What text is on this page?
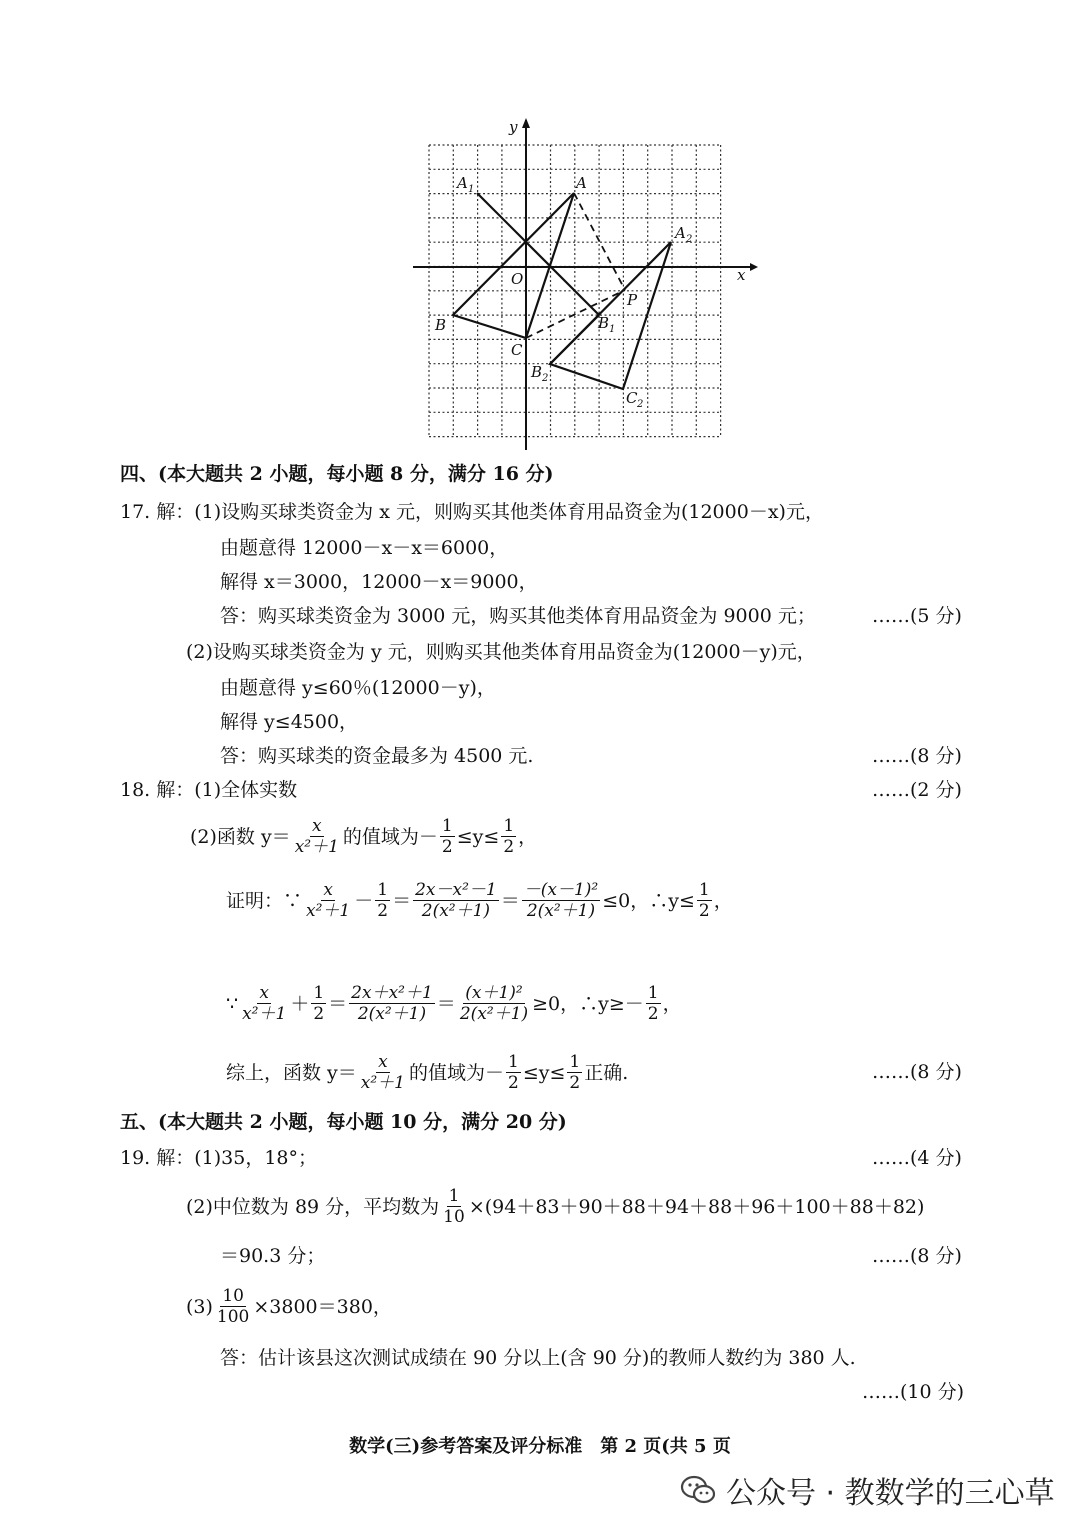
y
x
O
A
A 1
A 2
B	B 1
B 2
C
C 2
P
四、(本大题共 2 小题，每小题 8 分，满分 16 分)
17. 解：(1)设购买球类资金为 x 元，则购买其他类体育用品资金为(12000－x)元，
由题意得 12000－x－x＝6000，
解得 x＝3000，12000－x＝9000，
答：购买球类资金为 3000 元，购买其他类体育用品资金为 9000 元；	……(5 分)
(2)设购买球类资金为 y 元，则购买其他类体育用品资金为(12000－y)元，
由题意得 y≤60％(12000－y)，
解得 y≤4500，
答：购买球类的资金最多为 4500 元.	……(8 分)
18. 解：(1)全体实数	……(2 分)
(2)函数 $y= \frac{x}{\text{x²＋1}}$ 的值域为－ $\frac{1}{2} \le y\le \frac{1}{2}$ ，
证明：∵ $\frac{x}{\text{x²＋1}} - \frac{1}{2} = \frac{\text{2x－x²－1}}{\text{2(x²＋1)}} = \frac{\text{－(x－1)²}}{\text{2(x²＋1)}} \le 0$，∴y≤ $\frac{1}{2}$ ，
∵ $\frac{x}{\text{x²＋1}} + \frac{1}{2} = \frac{\text{2x＋x²＋1}}{\text{2(x²＋1)}} = \frac{\text{(x＋1)²}}{\text{2(x²＋1)}} \ge 0$，∴y≥－ $\frac{1}{2}$ ，
综上，函数 $y= \frac{x}{\text{x²＋1}}$ 的值域为－ $\frac{1}{2} \le y\le \frac{1}{2}$ 正确.	……(8 分)
五、(本大题共 2 小题，每小题 10 分，满分 20 分)
19. 解：(1)35，18°；	……(4 分)
(2)中位数为 89 分，平均数为 $\frac{1}{10} \times(94+83+90+88+94+88+96+100+88+82)$
＝90.3 分；	……(8 分)
$(3) \frac{10}{100} \times 3800=380$，
答：估计该县这次测试成绩在 90 分以上(含 90 分)的教师人数约为 380 人.
……(10 分)
数学(三)参考答案及评分标准　第 2 页(共 5 页
公众号 · 教数学的三心草
